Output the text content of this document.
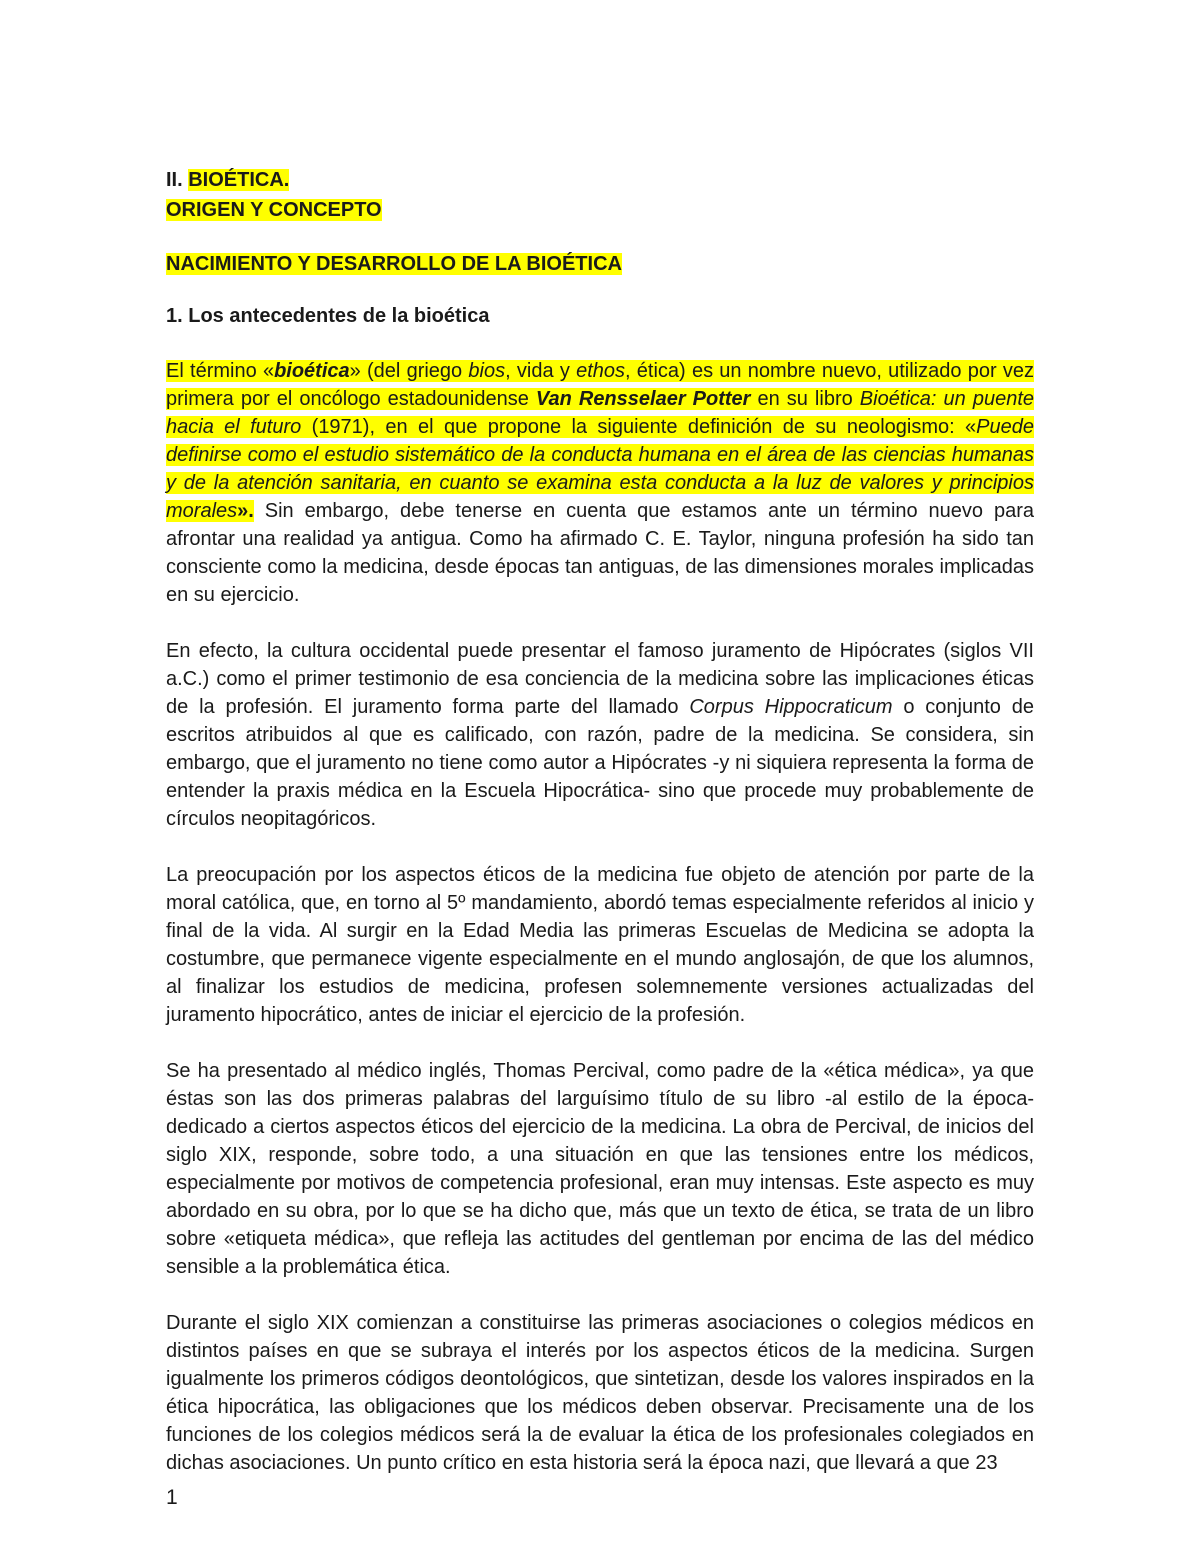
II. BIOÉTICA.

ORIGEN Y CONCEPTO

NACIMIENTO Y DESARROLLO DE LA BIOÉTICA

1. Los antecedentes de la bioética

El término «bioética» (del griego bios, vida y ethos, ética) es un nombre nuevo, utilizado por vez primera por el oncólogo estadounidense Van Rensselaer Potter en su libro Bioética: un puente hacia el futuro (1971), en el que propone la siguiente definición de su neologismo: «Puede definirse como el estudio sistemático de la conducta humana en el área de las ciencias humanas y de la atención sanitaria, en cuanto se examina esta conducta a la luz de valores y principios morales». Sin embargo, debe tenerse en cuenta que estamos ante un término nuevo para afrontar una realidad ya antigua. Como ha afirmado C. E. Taylor, ninguna profesión ha sido tan consciente como la medicina, desde épocas tan antiguas, de las dimensiones morales implicadas en su ejercicio.

En efecto, la cultura occidental puede presentar el famoso juramento de Hipócrates (siglos VII a.C.) como el primer testimonio de esa conciencia de la medicina sobre las implicaciones éticas de la profesión. El juramento forma parte del llamado Corpus Hippocraticum o conjunto de escritos atribuidos al que es calificado, con razón, padre de la medicina. Se considera, sin embargo, que el juramento no tiene como autor a Hipócrates -y ni siquiera representa la forma de entender la praxis médica en la Escuela Hipocrática- sino que procede muy probablemente de círculos neopitagóricos.

La preocupación por los aspectos éticos de la medicina fue objeto de atención por parte de la moral católica, que, en torno al 5º mandamiento, abordó temas especialmente referidos al inicio y final de la vida. Al surgir en la Edad Media las primeras Escuelas de Medicina se adopta la costumbre, que permanece vigente especialmente en el mundo anglosajón, de que los alumnos, al finalizar los estudios de medicina, profesen solemnemente versiones actualizadas del juramento hipocrático, antes de iniciar el ejercicio de la profesión.

Se ha presentado al médico inglés, Thomas Percival, como padre de la «ética médica», ya que éstas son las dos primeras palabras del larguísimo título de su libro -al estilo de la época- dedicado a ciertos aspectos éticos del ejercicio de la medicina. La obra de Percival, de inicios del siglo XIX, responde, sobre todo, a una situación en que las tensiones entre los médicos, especialmente por motivos de competencia profesional, eran muy intensas. Este aspecto es muy abordado en su obra, por lo que se ha dicho que, más que un texto de ética, se trata de un libro sobre «etiqueta médica», que refleja las actitudes del gentleman por encima de las del médico sensible a la problemática ética.

Durante el siglo XIX comienzan a constituirse las primeras asociaciones o colegios médicos en distintos países en que se subraya el interés por los aspectos éticos de la medicina. Surgen igualmente los primeros códigos deontológicos, que sintetizan, desde los valores inspirados en la ética hipocrática, las obligaciones que los médicos deben observar. Precisamente una de los funciones de los colegios médicos será la de evaluar la ética de los profesionales colegiados en dichas asociaciones. Un punto crítico en esta historia será la época nazi, que llevará a que 23

1
